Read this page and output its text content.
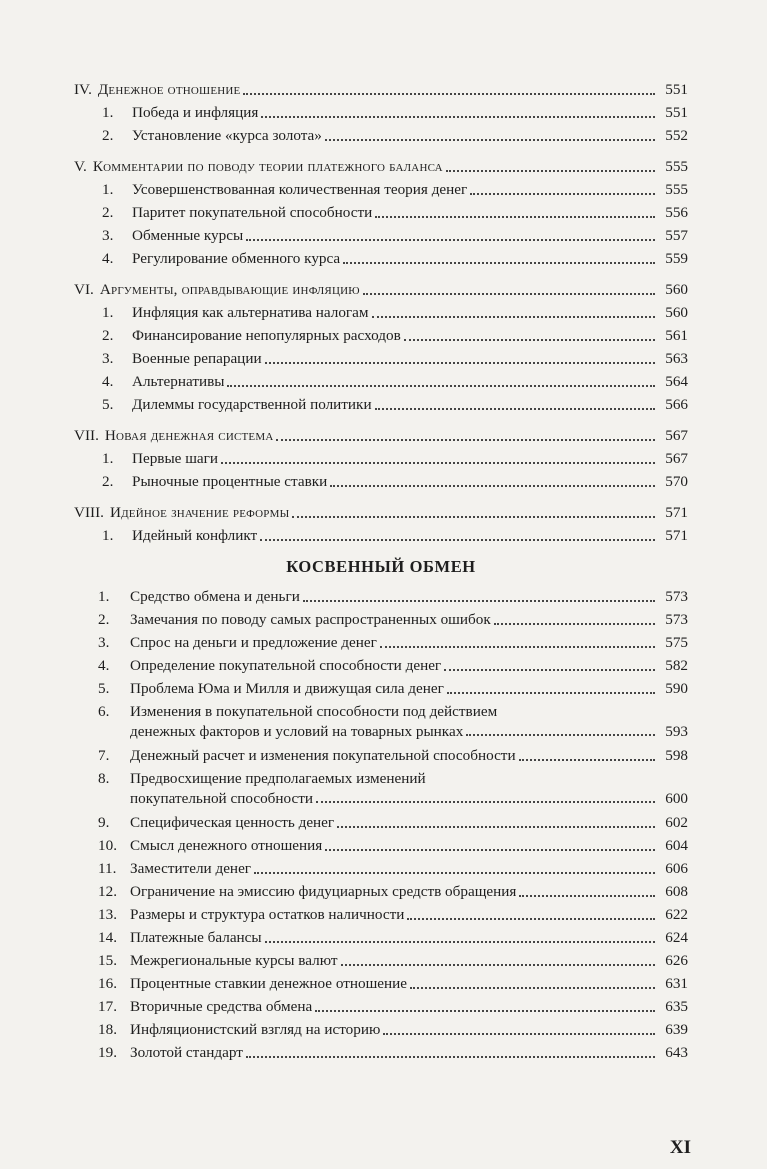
IV. Денежное отношение	551
1.	Победа и инфляция	551
2.	Установление «курса золота»	552
V. Комментарии по поводу теории платежного баланса	555
1.	Усовершенствованная количественная теория денег	555
2.	Паритет покупательной способности	556
3.	Обменные курсы	557
4.	Регулирование обменного курса	559
VI. Аргументы, оправдывающие инфляцию	560
1.	Инфляция как альтернатива налогам	560
2.	Финансирование непопулярных расходов	561
3.	Военные репарации	563
4.	Альтернативы	564
5.	Дилеммы государственной политики	566
VII. Новая денежная система	567
1.	Первые шаги	567
2.	Рыночные процентные ставки	570
VIII. Идейное значение реформы	571
1.	Идейный конфликт	571
КОСВЕННЫЙ ОБМЕН
1.	Средство обмена и деньги	573
2.	Замечания по поводу самых распространенных ошибок	573
3.	Спрос на деньги и предложение денег	575
4.	Определение покупательной способности денег	582
5.	Проблема Юма и Милля и движущая сила денег	590
6.	Изменения в покупательной способности под действием
денежных факторов и условий на товарных рынках	593
7.	Денежный расчет и изменения покупательной способности	598
8.	Предвосхищение предполагаемых изменений
покупательной способности	600
9.	Специфическая ценность денег	602
10. Смысл денежного отношения	604
11. Заместители денег	606
12. Ограничение на эмиссию фидуциарных средств обращения	608
13. Размеры и структура остатков наличности	622
14. Платежные балансы	624
15. Межрегиональные курсы валют	626
16. Процентные ставкии денежное отношение	631
17. Вторичные средства обмена	635
18. Инфляционистский взгляд на историю	639
19. Золотой стандарт	643
XI
